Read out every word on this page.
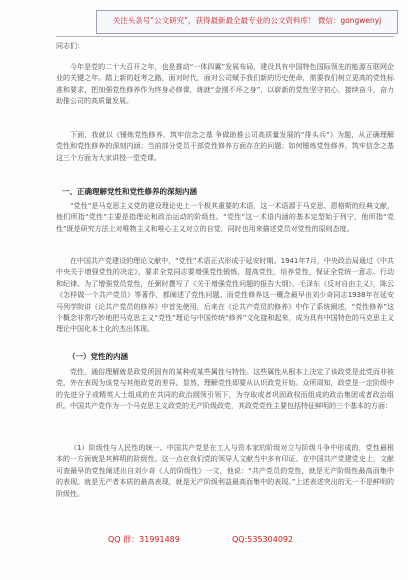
关注头条号“公文研究”，获得最新最全最专业的公文资料库！ 微信：gongwenyj
同志们：
今年是党的二十大召开之年，也是推动“一体四翼”发展布局，建设具有中国特色国际领先的能源互联网企业的关键之年。踏上新的赶考之路，面对时代，面对公司赋予我们新的历史使命，需要我们树立更高的党性标准和要求，把加强党性修养作为终身必修课，练就“金刚不坏之身”，以崭新的党性坚守初心，接续奋斗，奋力助推公司的高质量发展。
下面，我就以《锤炼党性修养，筑牢信念之基 争做助推公司高质量发展的“排头兵”》为题，从正确理解党性和党性修养的深刻内涵；当前部分党员干部党性修养方面存在的问题；如何锤炼党性修养，筑牢信念之基这三个方面为大家讲授一堂党课。
一、正确理解党性和党性修养的深刻内涵
“党性”是马克思主义党的建设理论史上一个极其重要的术语，这一术语源于马克思、恩格斯的经典文献，他们所指“党性”主要是指理论和政治运动的阶级性。“党性”这一术语内涵的基本定型始于列宁，他所指“党性”既是研究方法上对唯物主义和唯心主义对立的自觉，同时也用来描述党员对党性的原则态度。
在中国共产党建设的理论文献中，“党性”术语正式形成于延安时期。1941年7月，中央政治局通过《中共中央关于增强党性的决定》，要求全党同志要增强党性锻炼，提高党性，培养党性，保证全党统一意志、行动和纪律。为了增强党员党性，任弼时撰写了《关于增强党性问题的报告大纲》，毛泽东《反对自由主义》，陈云《怎样做一个共产党员》等著作，都阐述了党性问题。而党性修养这一概念最早由刘少奇同志1938年在延安马列学院讲《论共产党员的修养》中首先使用，后来在《论共产党员的修养》中作了系统阐述，“党性修养”这个概念非常巧妙地把马克思主义“党性”理论与中国传统“修养”文化接和起来，成为具有中国特色的马克思主义理论中国化本土化的杰出体现。
（一）党性的内涵
党性，通俗理解就是政党所固有的某种或某些属性与特性。这些属性从根本上决定了该政党是此党而非彼党，外在表现为该党与其他政党的差异。显然，理解党性即要从认识政党开始。众所周知，政党是一定阶级中的先进分子或精英人士组成的在共同的政治纲领引领下，为夺取或者巩固政权而组成的政治集团或者政治组织。中国共产党作为一个马克思主义政党的无产阶级政党，其政党党性主要包括特征鲜明的三个基本的方面：
（1）阶级性与人民性的统一。中国共产党是在工人与资本家的阶级对立与阶级斗争中形成的，党性最根本的一方面就是其鲜明的阶级性。这一点在我们党的领导人文献当中多有印证。在中国共产党建党史上，文献可查最早的党性阐述出自刘少奇《人的阶级性》一文，他说：“共产党员的党性，就是无产阶级性最高而集中的表现。就是无产者本质的最高表现，就是无产阶级利益最高而集中的表现。”上述表述突出的无一不是鲜明的阶级性。
QQ 群：31991489	QQ:535304092
